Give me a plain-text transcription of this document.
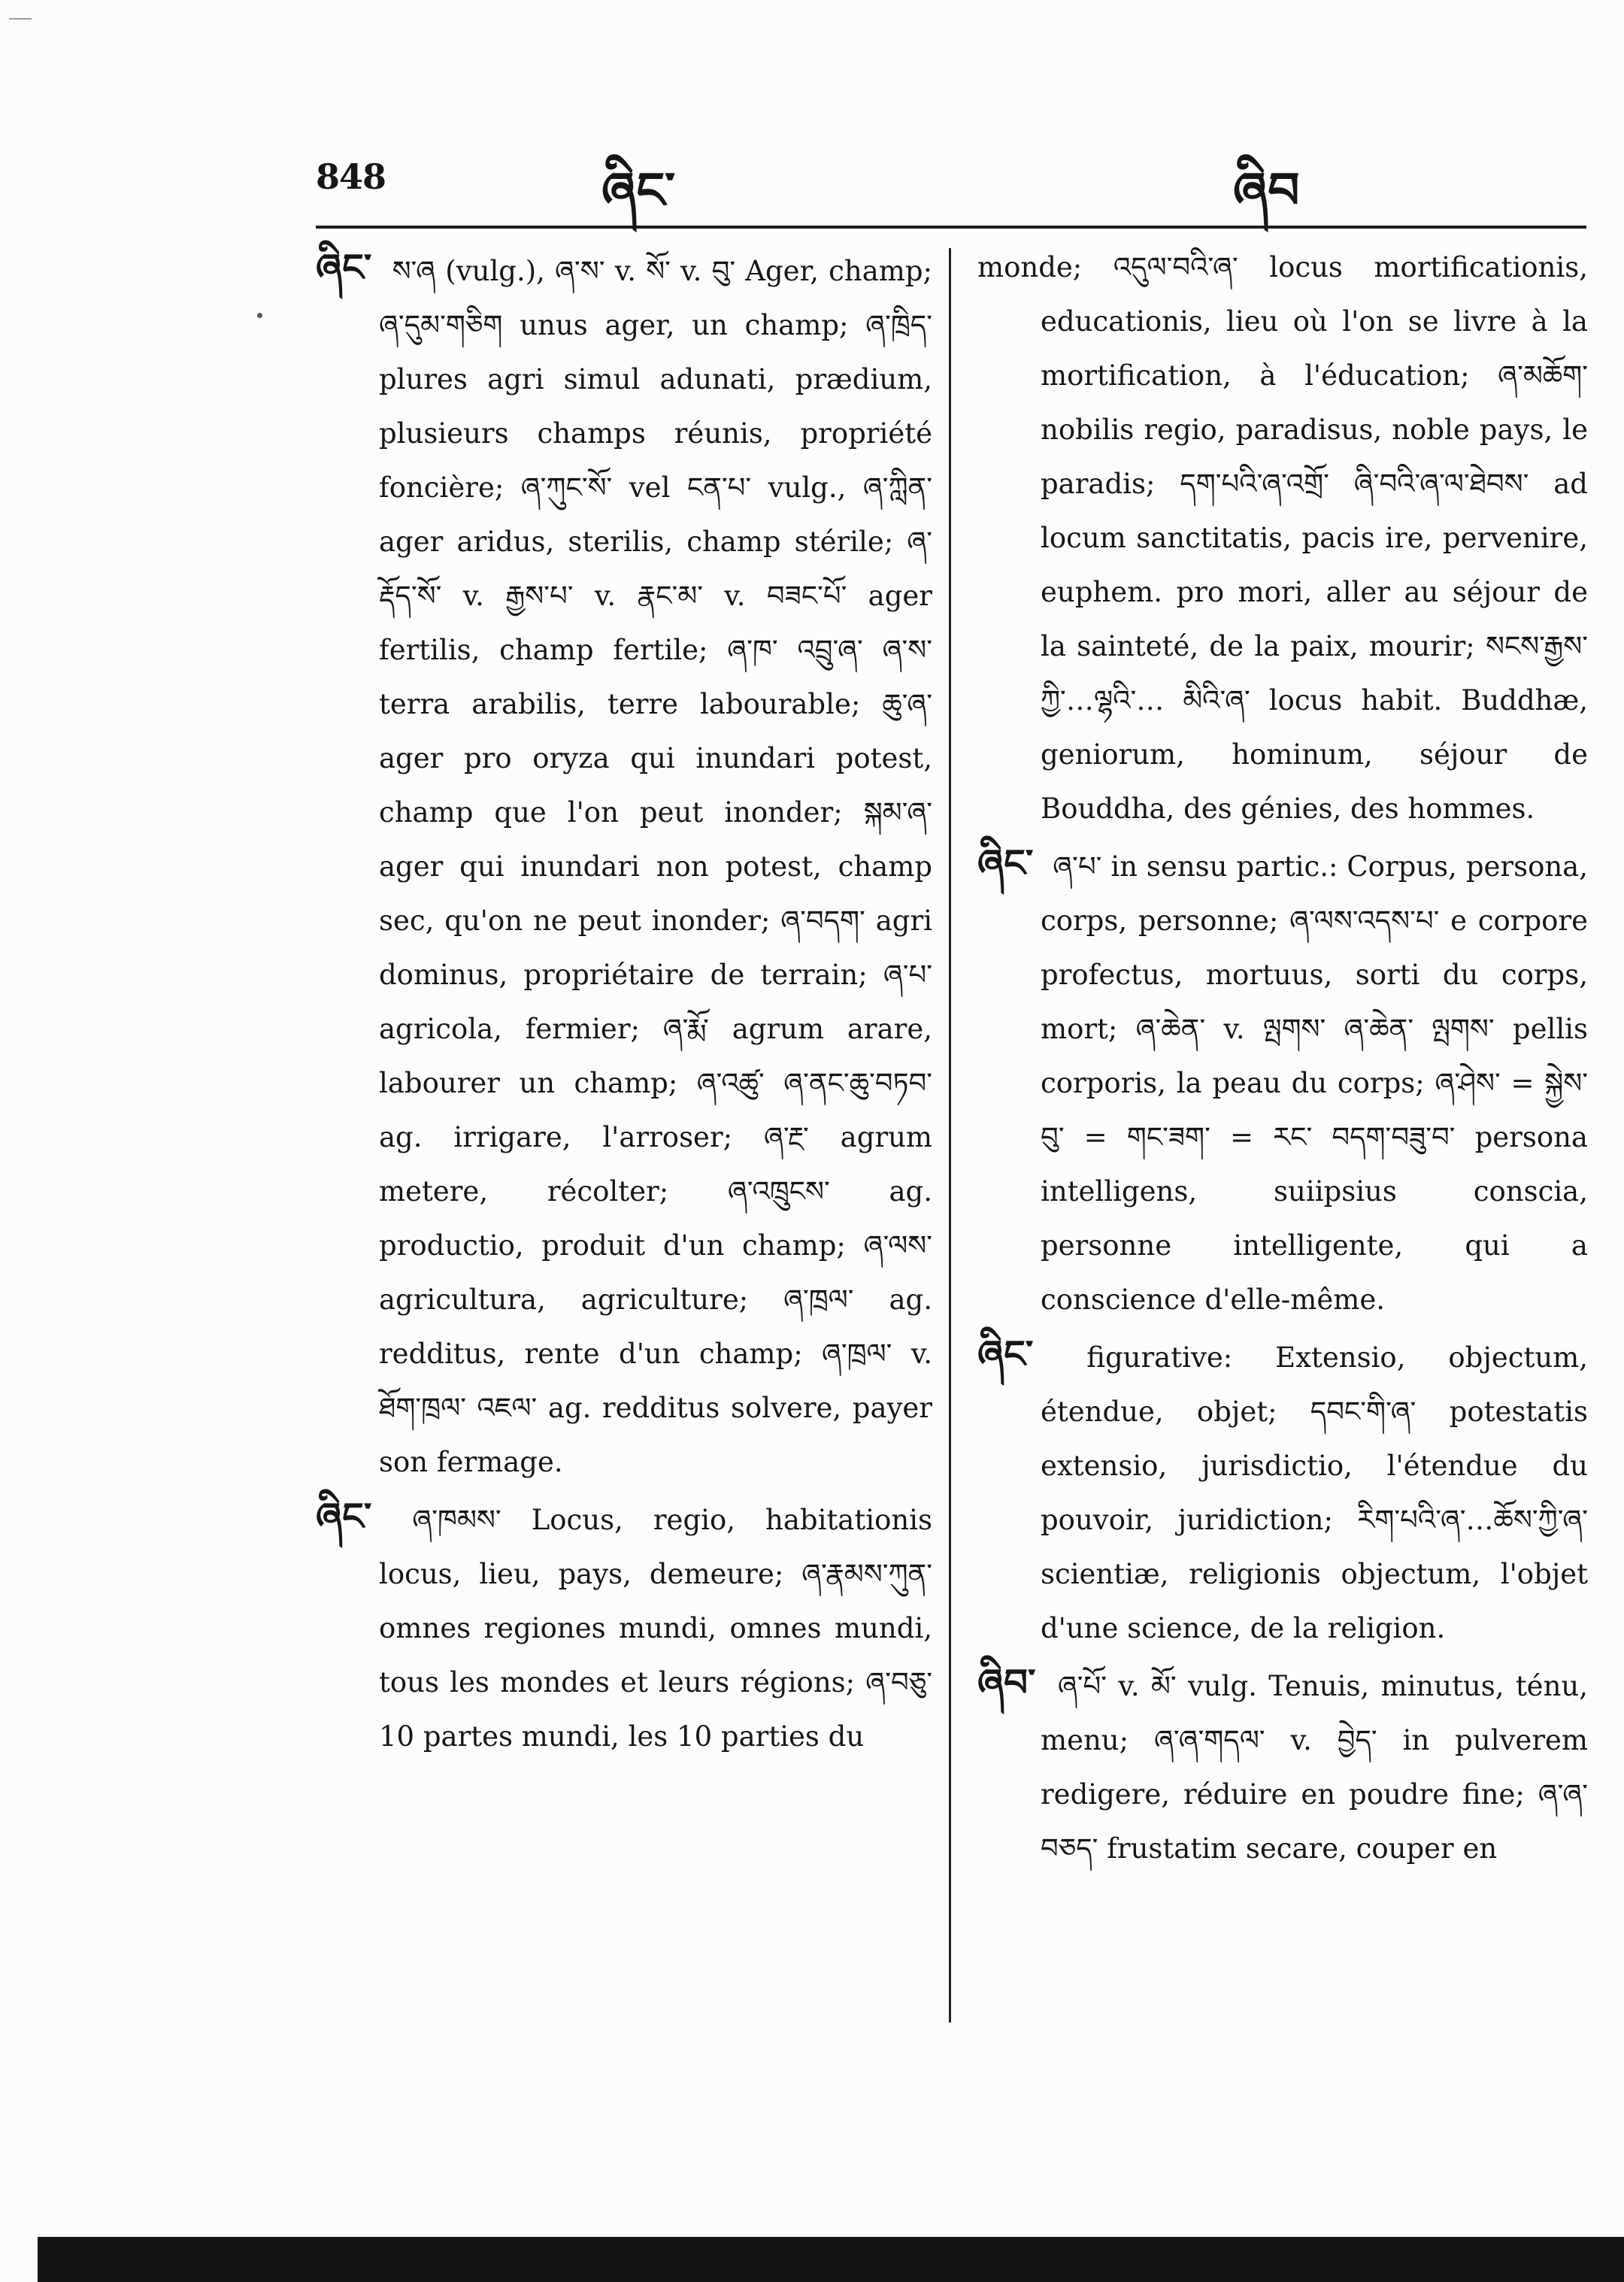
848	ཞིང་	ཞིབ

ཞིང་ ས་ཞ (vulg.), ཞ་ས་ v. སོ་ v. བུ་ Ager, champ; ཞ་དུམ་གཅིག unus ager, un champ; ཞ་ཁྲིད་ plures agri simul adunati, prædium, plusieurs champs réunis, propriété foncière; ཞ་ཀུང་སོ་ vel ངན་པ་ vulg., ཞ་ཀླིན་ ager aridus, sterilis, champ stérile; ཞ་རྡོད་སོ་ v. རྒྱས་པ་ v. རྣང་མ་ v. བཟང་པོ་ ager fertilis, champ fertile; ཞ་ཁ་ འབྲུ་ཞ་ ཞ་ས་ terra arabilis, terre labourable; ཆུ་ཞ་ ager pro oryza qui inundari potest, champ que l'on peut inonder; སྐམ་ཞ་ ager qui inundari non potest, champ sec, qu'on ne peut inonder; ཞ་བདག་ agri dominus, propriétaire de terrain; ཞ་པ་ agricola, fermier; ཞ་རྨོ་ agrum arare, labourer un champ; ཞ་འཚུ་ ཞ་ནང་ཆུ་བཏབ་ ag. irrigare, l'arroser; ཞ་རྔ་ agrum metere, récolter; ཞ་འཁྲུངས་ ag. productio, produit d'un champ; ཞ་ལས་ agricultura, agriculture; ཞ་ཁྲལ་ ag. redditus, rente d'un champ; ཞ་ཁྲལ་ v. ཐོག་ཁྲལ་ འཇལ་ ag. redditus solvere, payer son fermage.

ཞིང་ ཞ་ཁམས་ Locus, regio, habitationis locus, lieu, pays, demeure; ཞ་རྣམས་ཀུན་ omnes regiones mundi, omnes mundi, tous les mondes et leurs régions; ཞ་བཅུ་ 10 partes mundi, les 10 parties du

monde; འདུལ་བའི་ཞ་ locus mortificationis, educationis, lieu où l'on se livre à la mortification, à l'éducation; ཞ་མཆོག་ nobilis regio, paradisus, noble pays, le paradis; དག་པའི་ཞ་འགྲོ་ ཞི་བའི་ཞ་ལ་ཐེབས་ ad locum sanctitatis, pacis ire, pervenire, euphem. pro mori, aller au séjour de la sainteté, de la paix, mourir; སངས་རྒྱས་ཀྱི་…ལྷའི་… མིའི་ཞ་ locus habit. Buddhæ, geniorum, hominum, séjour de Bouddha, des génies, des hommes.

ཞིང་ ཞ་པ་ in sensu partic.: Corpus, persona, corps, personne; ཞ་ལས་འདས་པ་ e corpore profectus, mortuus, sorti du corps, mort; ཞ་ཆེན་ v. ལྤགས་ ཞ་ཆེན་ ལྤགས་ pellis corporis, la peau du corps; ཞ་ཤེས་ = སྐྱེས་བུ་ = གང་ཟག་ = རང་ བདག་བཟུ་བ་ persona intelligens, suiipsius conscia, personne intelligente, qui a conscience d'elle-même.

ཞིང་ figurative: Extensio, objectum, étendue, objet; དབང་གི་ཞ་ potestatis extensio, jurisdictio, l'étendue du pouvoir, juridiction; རིག་པའི་ཞ་…ཆོས་ཀྱི་ཞ་ scientiæ, religionis objectum, l'objet d'une science, de la religion.

ཞིབ་ ཞ་པོ་ v. མོ་ vulg. Tenuis, minutus, ténu, menu; ཞ་ཞ་གདལ་ v. བྱེད་ in pulverem redigere, réduire en poudre fine; ཞ་ཞ་བཅད་ frustatim secare, couper en
